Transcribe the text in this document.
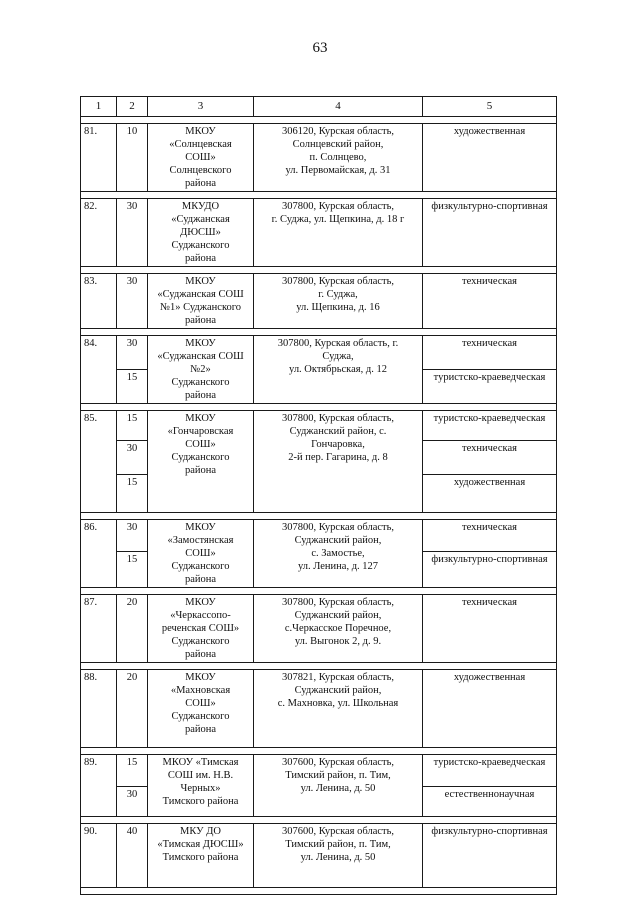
63
1	2	3	4	5

81.	10	МКОУ
«Солнцевская
СОШ»
Солнцевского
района	306120, Курская область,
Солнцевский район,
п. Солнцево,
ул. Первомайская, д. 31	художественная

82.	30	МКУДО
«Суджанская
ДЮСШ»
Суджанского
района	307800, Курская область,
г. Суджа, ул. Щепкина, д. 18 г	физкультурно-спортивная

83.	30	МКОУ
«Суджанская СОШ
№1» Суджанского
района	307800, Курская область,
г. Суджа,
ул. Щепкина, д. 16	техническая

84.	30	МКОУ
«Суджанская СОШ
№2»
Суджанского
района	307800, Курская область, г.
Суджа,
ул. Октябрьская, д. 12	техническая
	15			туристско-краеведческая

85.	15	МКОУ
«Гончаровская
СОШ»
Суджанского
района	307800, Курская область,
Суджанский район, с.
Гончаровка,
2-й пер. Гагарина, д. 8	туристско-краеведческая
	30			техническая
	15			художественная

86.	30	МКОУ
«Замостянская
СОШ»
Суджанского
района	307800, Курская область,
Суджанский район,
с. Замостье,
ул. Ленина, д. 127	техническая
	15			физкультурно-спортивная

87.	20	МКОУ
«Черкассопо-
реченская СОШ»
Суджанского
района	307800, Курская область,
Суджанский район,
с.Черкасское Поречное,
ул. Выгонок 2, д. 9.	техническая

88.	20	МКОУ
«Махновская
СОШ»
Суджанского
района	307821, Курская область,
Суджанский район,
с. Махновка, ул. Школьная	художественная

89.	15	МКОУ «Тимская
СОШ им. Н.В.
Черных»
Тимского района	307600, Курская область,
Тимский район, п. Тим,
ул. Ленина, д. 50	туристско-краеведческая
	30			естественнонаучная

90.	40	МКУ ДО
«Тимская ДЮСШ»
Тимского района	307600, Курская область,
Тимский район, п. Тим,
ул. Ленина, д. 50	физкультурно-спортивная
